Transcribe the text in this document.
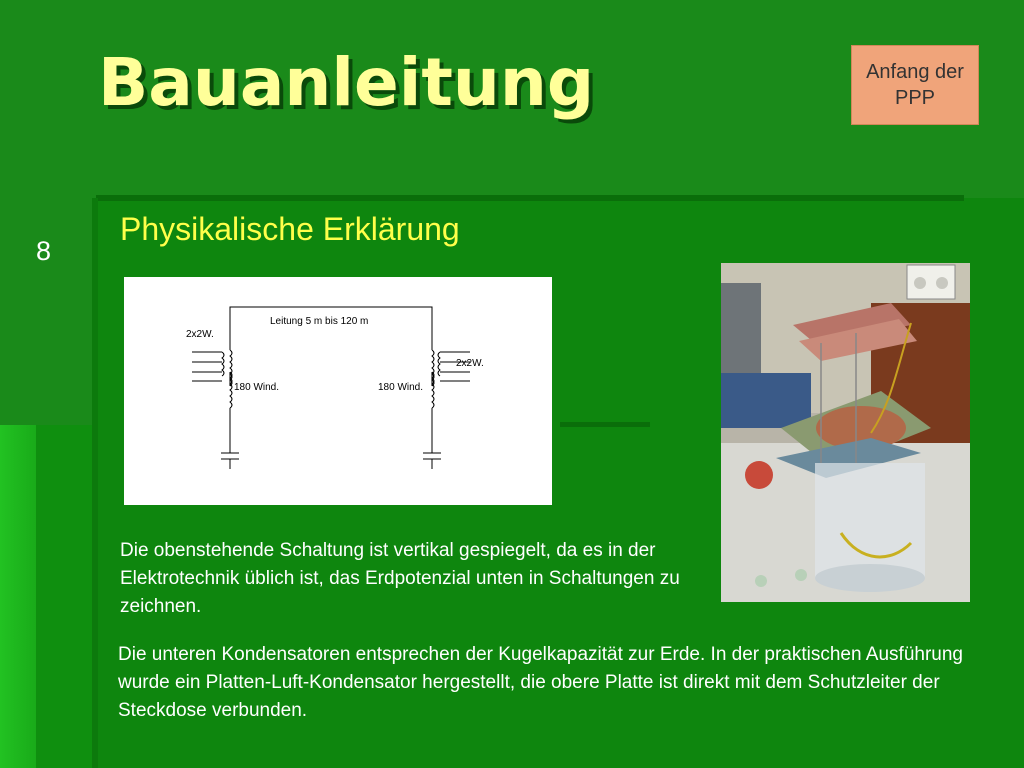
Bauanleitung	Anfang der PPP
8
Physikalische Erklärung
Leitung 5 m bis 120 m
2x2W.
180 Wind.
2x2W.
180 Wind.

Die obenstehende Schaltung ist vertikal gespiegelt, da es in der Elektrotechnik üblich ist, das Erdpotenzial unten in Schaltungen zu zeichnen.

Die unteren Kondensatoren entsprechen der Kugelkapazität zur Erde. In der praktischen Ausführung wurde ein Platten-Luft-Kondensator hergestellt, die obere Platte ist direkt mit dem Schutzleiter der Steckdose verbunden.
